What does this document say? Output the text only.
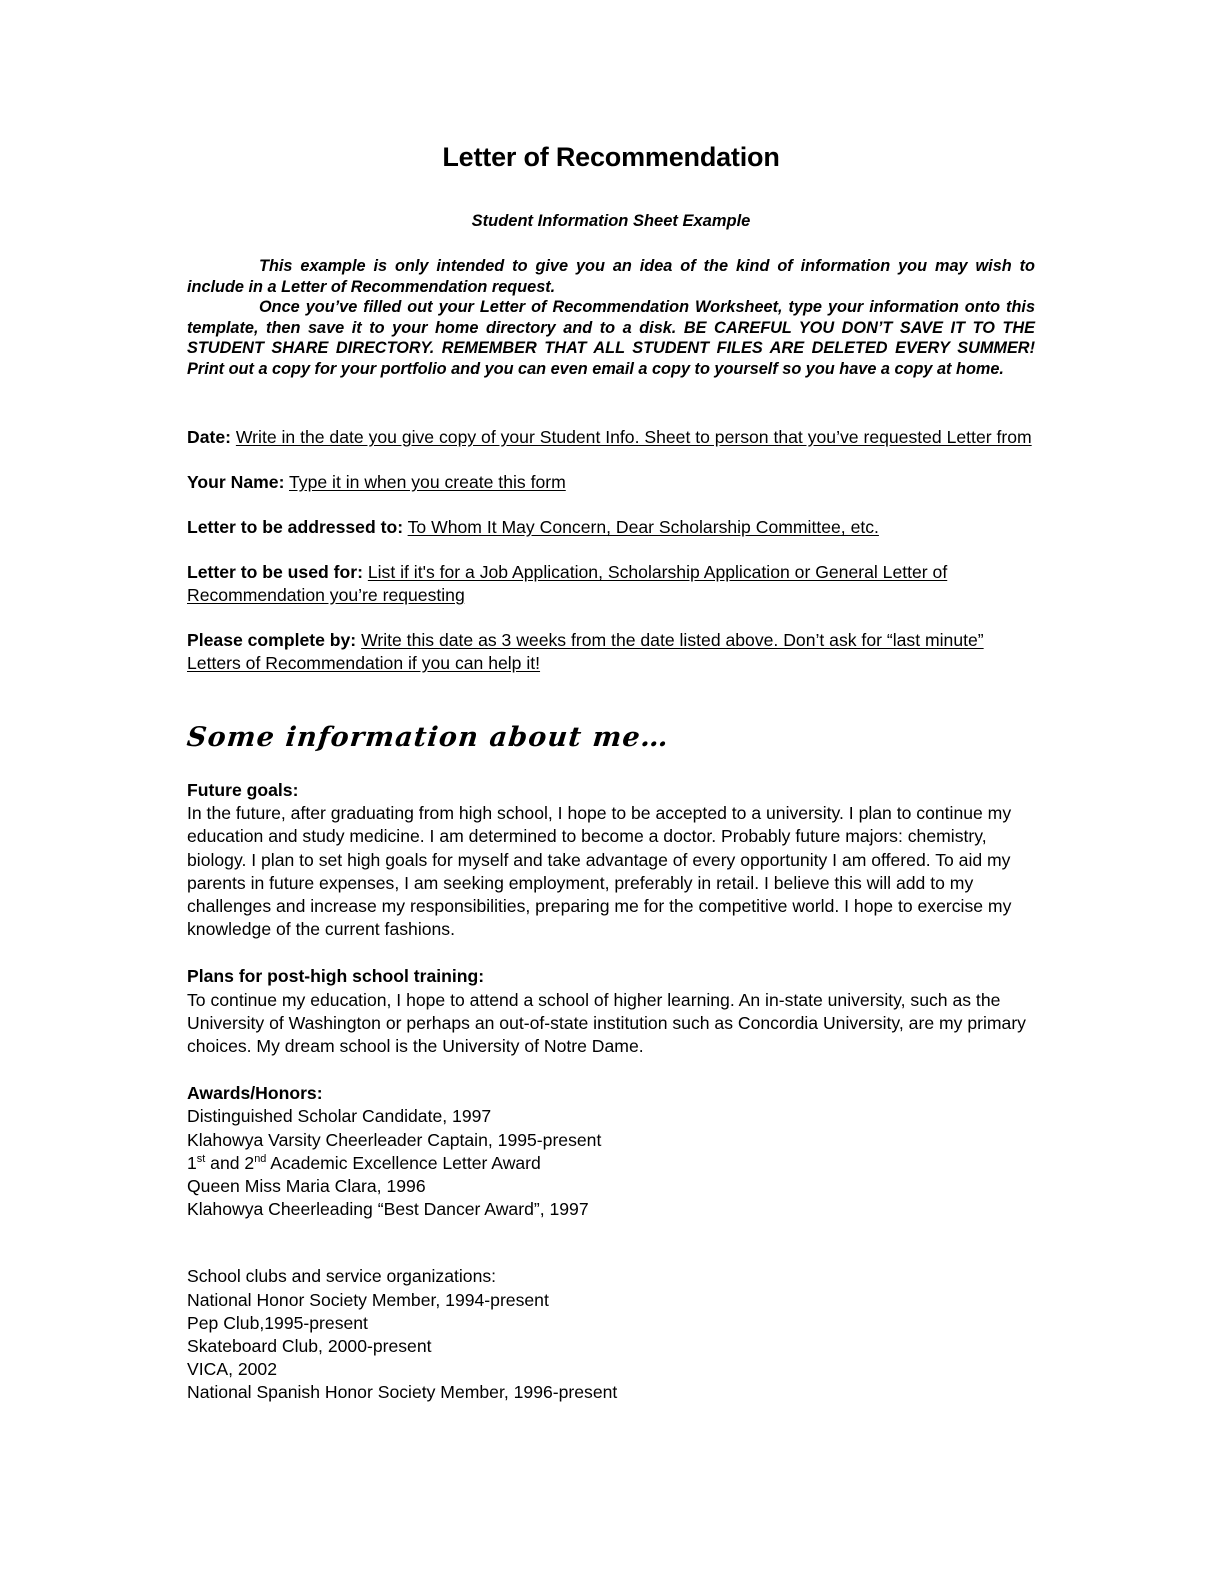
Letter of Recommendation
Student Information Sheet Example

This example is only intended to give you an idea of the kind of information you may wish to include in a Letter of Recommendation request.

Once you’ve filled out your Letter of Recommendation Worksheet, type your information onto this template, then save it to your home directory and to a disk. BE CAREFUL YOU DON’T SAVE IT TO THE STUDENT SHARE DIRECTORY. REMEMBER THAT ALL STUDENT FILES ARE DELETED EVERY SUMMER! Print out a copy for your portfolio and you can even email a copy to yourself so you have a copy at home.

Date: Write in the date you give copy of your Student Info. Sheet to person that you’ve requested Letter from
Your Name: Type it in when you create this form
Letter to be addressed to: To Whom It May Concern, Dear Scholarship Committee, etc.
Letter to be used for: List if it's for a Job Application, Scholarship Application or General Letter of Recommendation you’re requesting
Please complete by: Write this date as 3 weeks from the date listed above. Don’t ask for “last minute” Letters of Recommendation if you can help it!
Some information about me…
Future goals:

In the future, after graduating from high school, I hope to be accepted to a university. I plan to continue my education and study medicine. I am determined to become a doctor. Probably future majors: chemistry, biology. I plan to set high goals for myself and take advantage of every opportunity I am offered. To aid my parents in future expenses, I am seeking employment, preferably in retail. I believe this will add to my challenges and increase my responsibilities, preparing me for the competitive world. I hope to exercise my knowledge of the current fashions.

Plans for post-high school training:

To continue my education, I hope to attend a school of higher learning. An in-state university, such as the University of Washington or perhaps an out-of-state institution such as Concordia University, are my primary choices. My dream school is the University of Notre Dame.

Awards/Honors:
Distinguished Scholar Candidate, 1997
Klahowya Varsity Cheerleader Captain, 1995-present
1st and 2nd Academic Excellence Letter Award
Queen Miss Maria Clara, 1996
Klahowya Cheerleading “Best Dancer Award”, 1997
School clubs and service organizations:
National Honor Society Member, 1994-present
Pep Club,1995-present
Skateboard Club, 2000-present
VICA, 2002
National Spanish Honor Society Member, 1996-present
